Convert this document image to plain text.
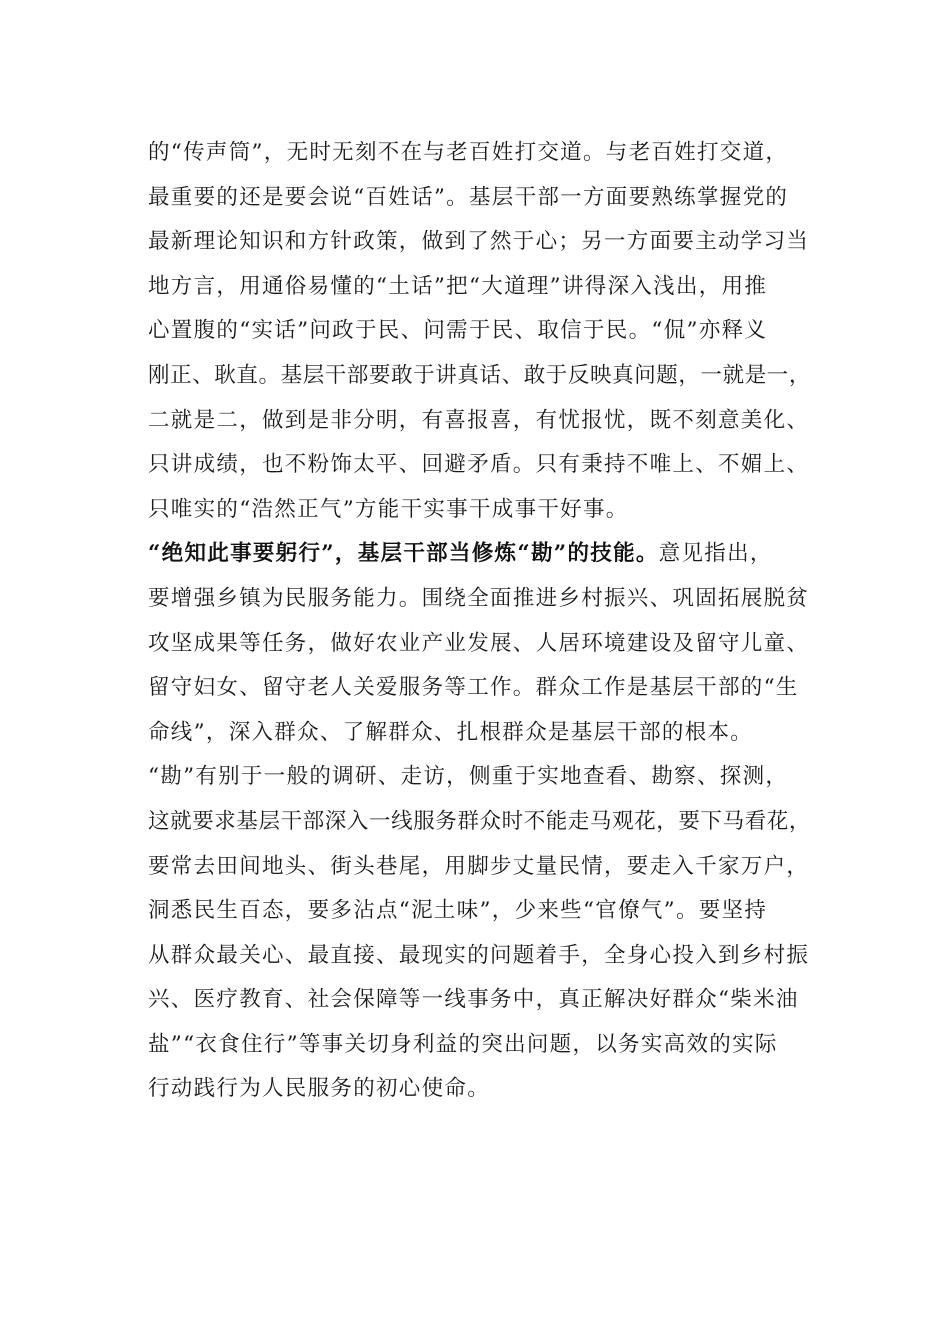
的“传声筒”，无时无刻不在与老百姓打交道。与老百姓打交道，
最重要的还是要会说“百姓话”。基层干部一方面要熟练掌握党的
最新理论知识和方针政策，做到了然于心；另一方面要主动学习当
地方言，用通俗易懂的“土话”把“大道理”讲得深入浅出，用推
心置腹的“实话”问政于民、问需于民、取信于民。“侃”亦释义
刚正、耿直。基层干部要敢于讲真话、敢于反映真问题，一就是一，
二就是二，做到是非分明，有喜报喜，有忧报忧，既不刻意美化、
只讲成绩，也不粉饰太平、回避矛盾。只有秉持不唯上、不媚上、
只唯实的“浩然正气”方能干实事干成事干好事。
“绝知此事要躬行”，基层干部当修炼“勘”的技能。意见指出，
要增强乡镇为民服务能力。围绕全面推进乡村振兴、巩固拓展脱贫
攻坚成果等任务，做好农业产业发展、人居环境建设及留守儿童、
留守妇女、留守老人关爱服务等工作。群众工作是基层干部的“生
命线”，深入群众、了解群众、扎根群众是基层干部的根本。
“勘”有别于一般的调研、走访，侧重于实地查看、勘察、探测，
这就要求基层干部深入一线服务群众时不能走马观花，要下马看花，
要常去田间地头、街头巷尾，用脚步丈量民情，要走入千家万户，
洞悉民生百态，要多沾点“泥土味”，少来些“官僚气”。要坚持
从群众最关心、最直接、最现实的问题着手，全身心投入到乡村振
兴、医疗教育、社会保障等一线事务中，真正解决好群众“柴米油
盐”“衣食住行”等事关切身利益的突出问题，以务实高效的实际
行动践行为人民服务的初心使命。
